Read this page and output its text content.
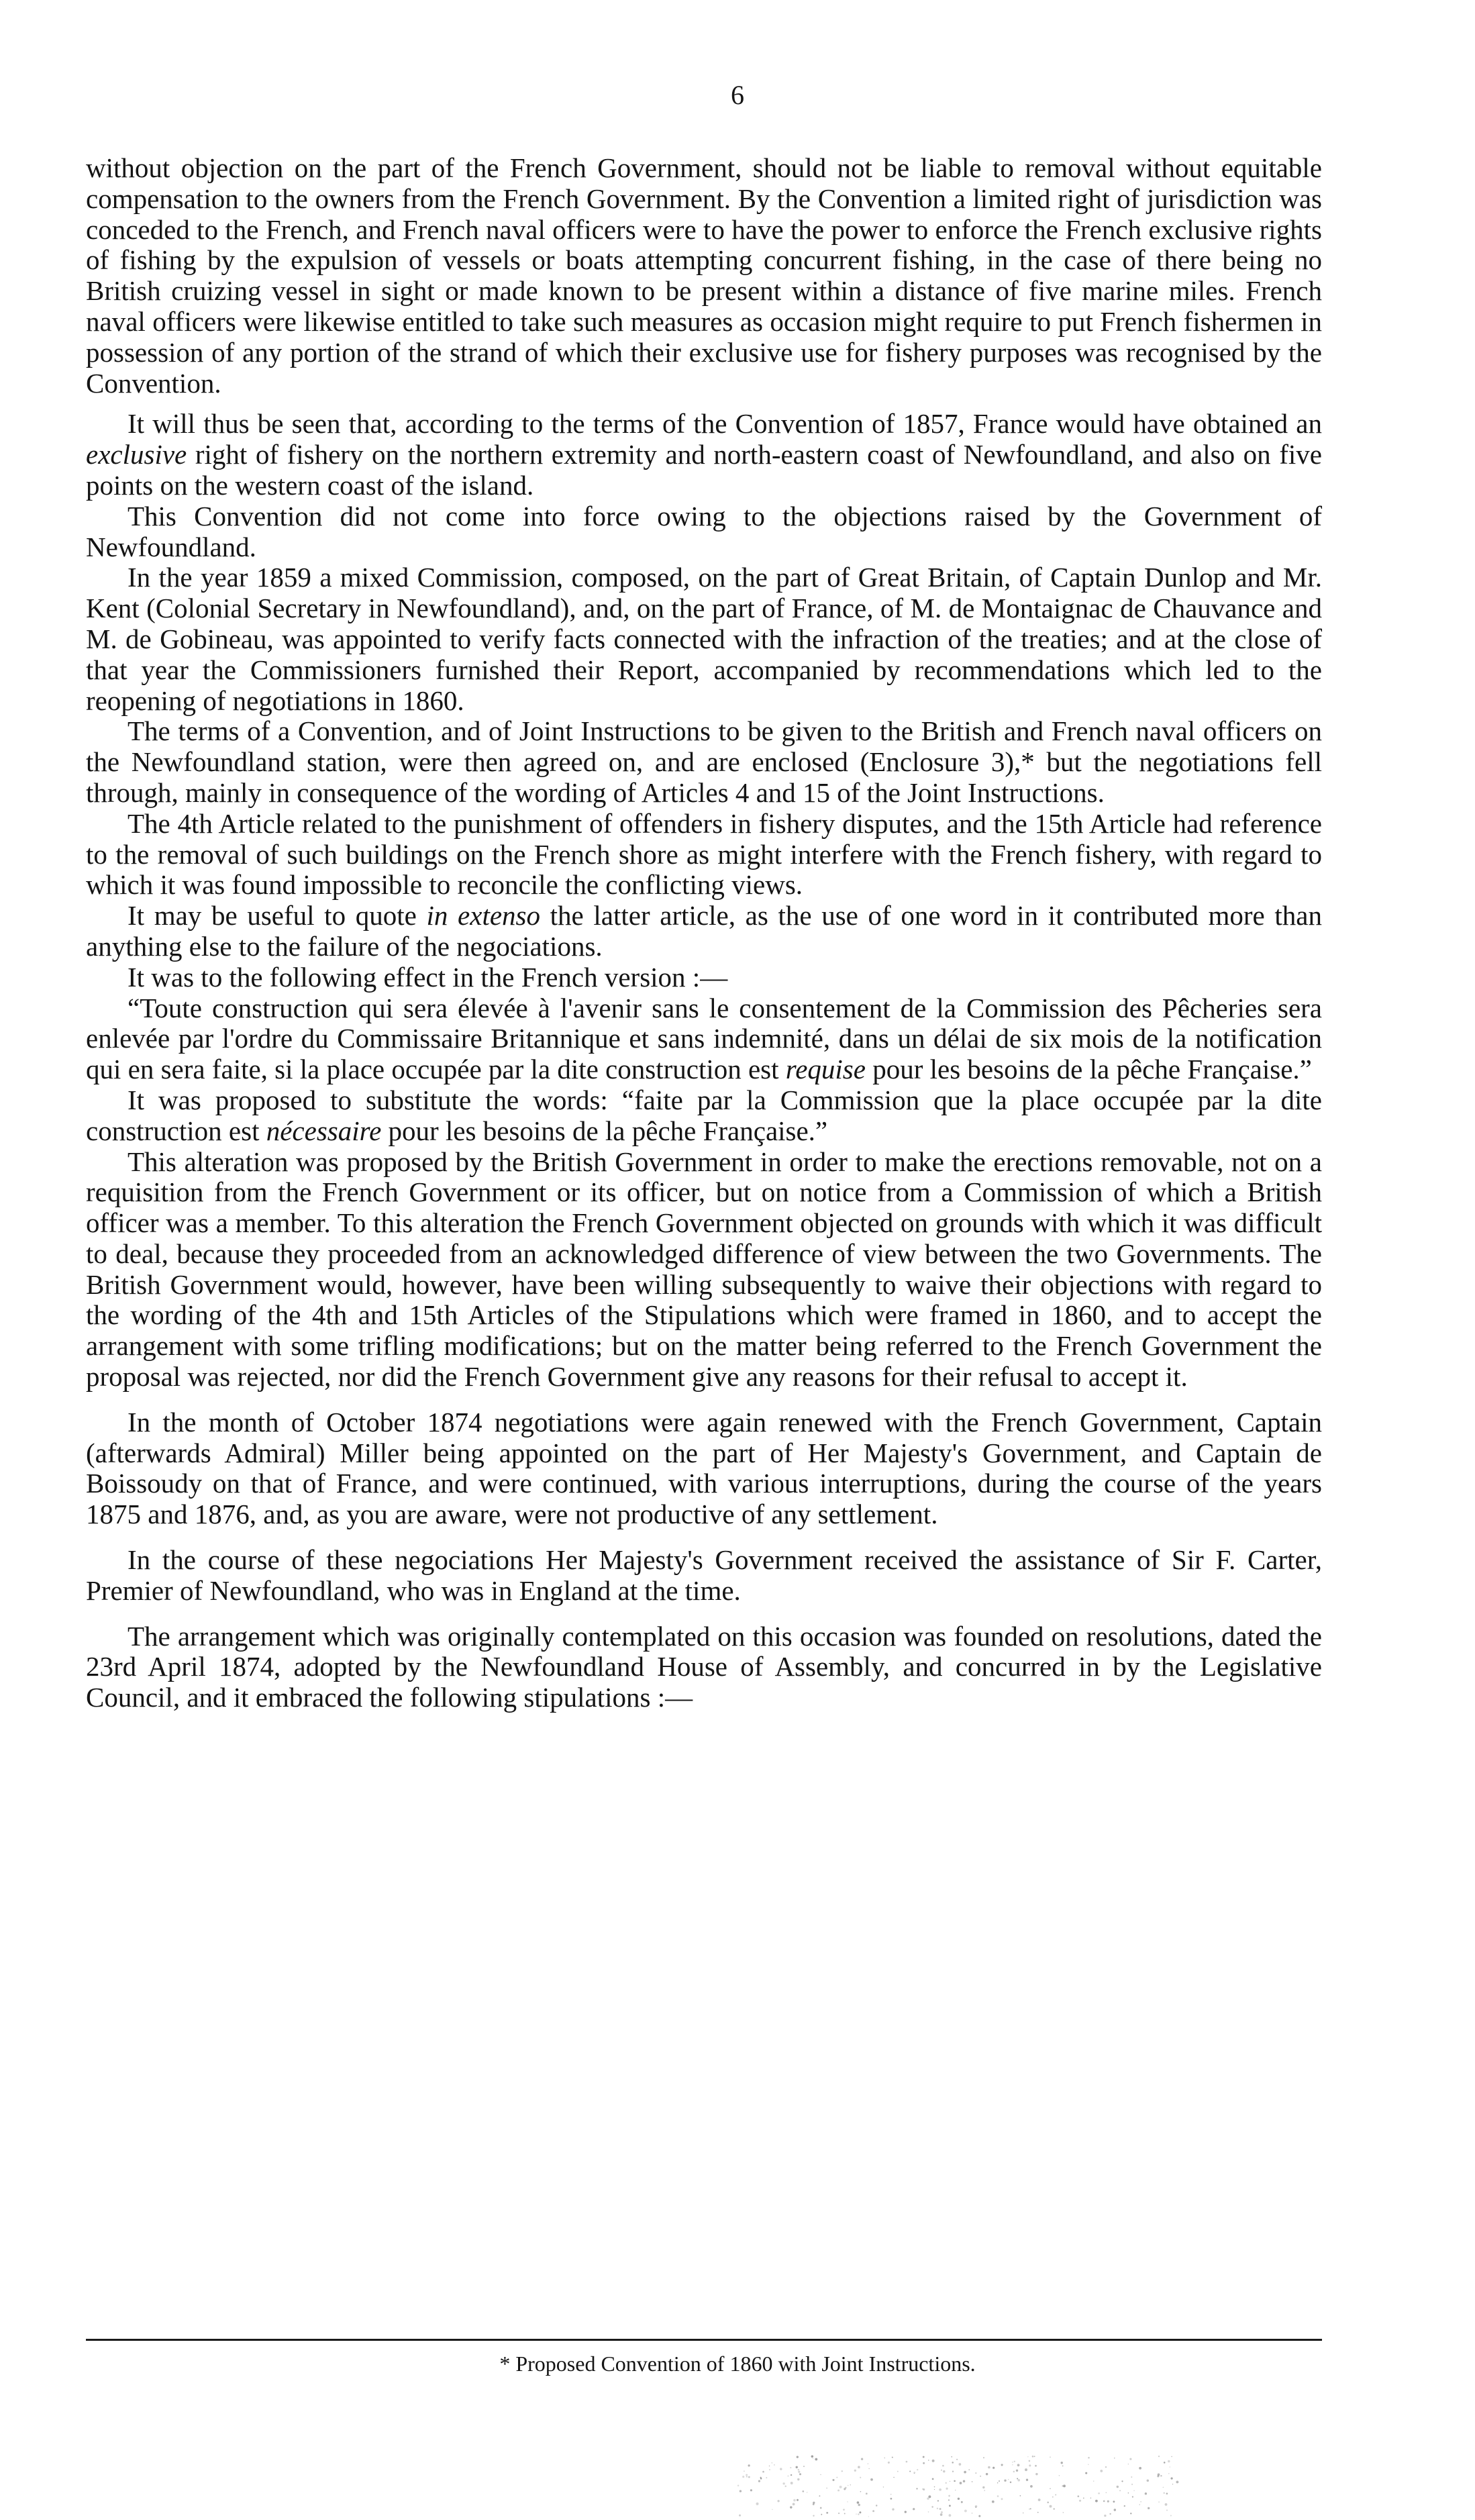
6

without objection on the part of the French Government, should not be liable to removal without equitable compensation to the owners from the French Government. By the Convention a limited right of jurisdiction was conceded to the French, and French naval officers were to have the power to enforce the French exclusive rights of fishing by the expulsion of vessels or boats attempting concurrent fishing, in the case of there being no British cruizing vessel in sight or made known to be present within a distance of five marine miles. French naval officers were likewise entitled to take such measures as occasion might require to put French fishermen in possession of any portion of the strand of which their exclusive use for fishery purposes was recognised by the Convention.

It will thus be seen that, according to the terms of the Convention of 1857, France would have obtained an exclusive right of fishery on the northern extremity and north-eastern coast of Newfoundland, and also on five points on the western coast of the island.

This Convention did not come into force owing to the objections raised by the Government of Newfoundland.

In the year 1859 a mixed Commission, composed, on the part of Great Britain, of Captain Dunlop and Mr. Kent (Colonial Secretary in Newfoundland), and, on the part of France, of M. de Montaignac de Chauvance and M. de Gobineau, was appointed to verify facts connected with the infraction of the treaties; and at the close of that year the Commissioners furnished their Report, accompanied by recommendations which led to the reopening of negotiations in 1860.

The terms of a Convention, and of Joint Instructions to be given to the British and French naval officers on the Newfoundland station, were then agreed on, and are enclosed (Enclosure 3),* but the negotiations fell through, mainly in consequence of the wording of Articles 4 and 15 of the Joint Instructions.

The 4th Article related to the punishment of offenders in fishery disputes, and the 15th Article had reference to the removal of such buildings on the French shore as might interfere with the French fishery, with regard to which it was found impossible to reconcile the conflicting views.

It may be useful to quote in extenso the latter article, as the use of one word in it contributed more than anything else to the failure of the negociations.

It was to the following effect in the French version :—

“Toute construction qui sera élevée à l'avenir sans le consentement de la Commission des Pêcheries sera enlevée par l'ordre du Commissaire Britannique et sans indemnité, dans un délai de six mois de la notification qui en sera faite, si la place occupée par la dite construction est requise pour les besoins de la pêche Française.”

It was proposed to substitute the words: “faite par la Commission que la place occupée par la dite construction est nécessaire pour les besoins de la pêche Française.”

This alteration was proposed by the British Government in order to make the erections removable, not on a requisition from the French Government or its officer, but on notice from a Commission of which a British officer was a member. To this alteration the French Government objected on grounds with which it was difficult to deal, because they proceeded from an acknowledged difference of view between the two Governments. The British Government would, however, have been willing subsequently to waive their objections with regard to the wording of the 4th and 15th Articles of the Stipulations which were framed in 1860, and to accept the arrangement with some trifling modifications; but on the matter being referred to the French Government the proposal was rejected, nor did the French Government give any reasons for their refusal to accept it.

In the month of October 1874 negotiations were again renewed with the French Government, Captain (afterwards Admiral) Miller being appointed on the part of Her Majesty's Government, and Captain de Boissoudy on that of France, and were continued, with various interruptions, during the course of the years 1875 and 1876, and, as you are aware, were not productive of any settlement.

In the course of these negociations Her Majesty's Government received the assistance of Sir F. Carter, Premier of Newfoundland, who was in England at the time.

The arrangement which was originally contemplated on this occasion was founded on resolutions, dated the 23rd April 1874, adopted by the Newfoundland House of Assembly, and concurred in by the Legislative Council, and it embraced the following stipulations :—

* Proposed Convention of 1860 with Joint Instructions.
